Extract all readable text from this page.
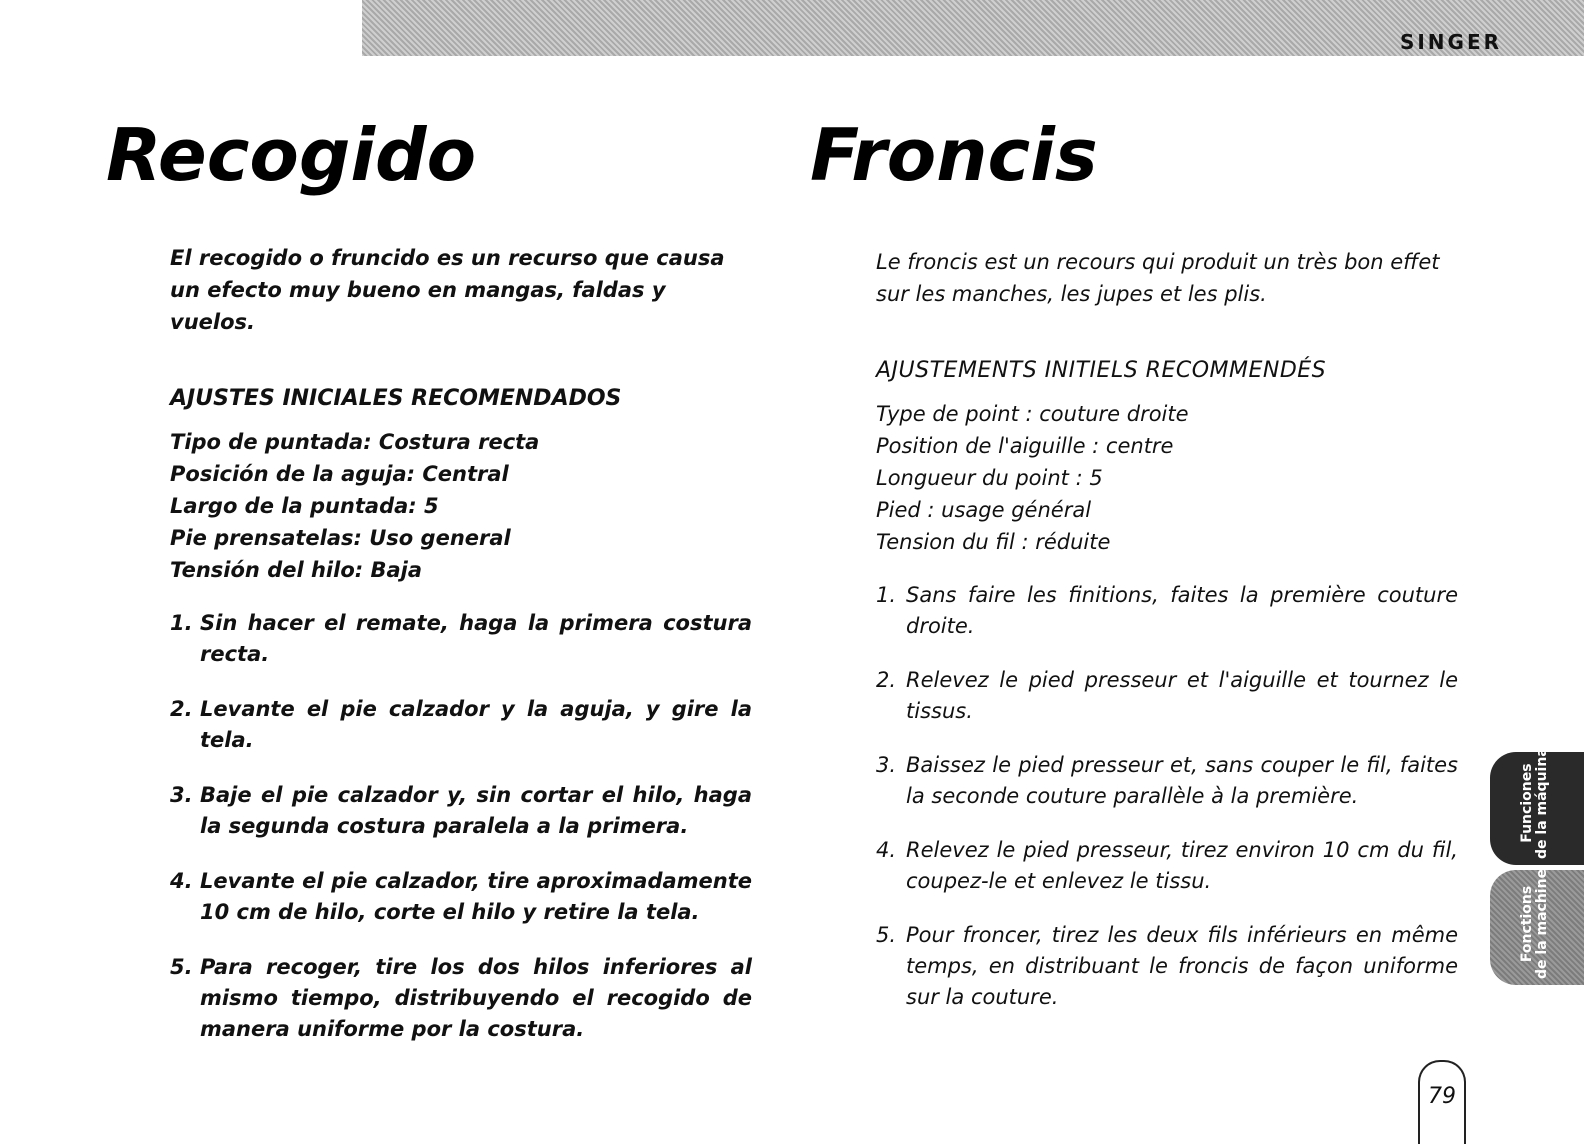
SINGER
Recogido	Froncis

El recogido o fruncido es un recurso que causa un efecto muy bueno en mangas, faldas y vuelos.

AJUSTES INICIALES RECOMENDADOS
Tipo de puntada: Costura recta
Posición de la aguja: Central
Largo de la puntada: 5
Pie prensatelas: Uso general
Tensión del hilo: Baja
1. Sin hacer el remate, haga la primera costura recta.
2. Levante el pie calzador y la aguja, y gire la tela.
3. Baje el pie calzador y, sin cortar el hilo, haga la segunda costura paralela a la primera.
4. Levante el pie calzador, tire aproximadamente 10 cm de hilo, corte el hilo y retire la tela.
5. Para recoger, tire los dos hilos inferiores al mismo tiempo, distribuyendo el recogido de manera uniforme por la costura.

Le froncis est un recours qui produit un très bon effet sur les manches, les jupes et les plis.

AJUSTEMENTS INITIELS RECOMMENDÉS
Type de point : couture droite
Position de l'aiguille : centre
Longueur du point : 5
Pied : usage général
Tension du fil : réduite
1. Sans faire les finitions, faites la première couture droite.
2. Relevez le pied presseur et l'aiguille et tournez le tissus.
3. Baissez le pied presseur et, sans couper le fil, faites la seconde couture parallèle à la première.
4. Relevez le pied presseur, tirez environ 10 cm du fil, coupez-le et enlevez le tissu.
5. Pour froncer, tirez les deux fils inférieurs en même temps, en distribuant le froncis de façon uniforme sur la couture.
Funciones de la máquina
Fonctions de la machine
79
